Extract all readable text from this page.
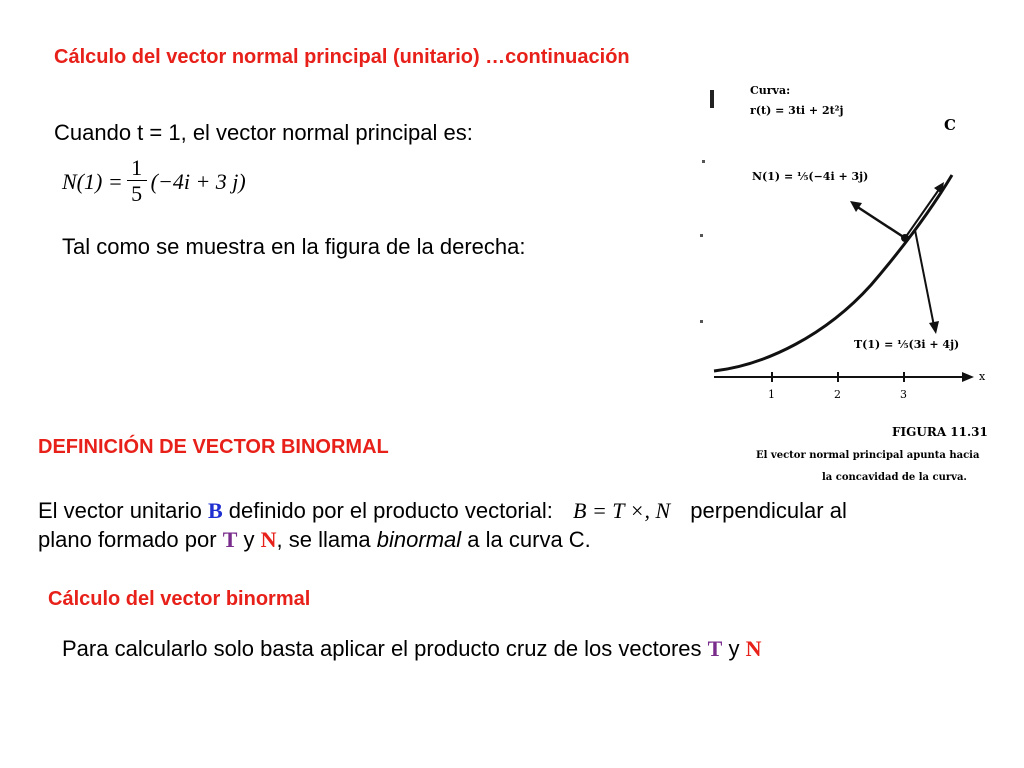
Cálculo del vector normal principal (unitario) …continuación
Cuando t = 1, el vector normal principal es:
$N(1) = \frac{1}{5} (-4i + 3$ j)
Tal como se muestra en la figura de la derecha:
Curva:
r(t) = 3ti + 2t²j
C
N(1) = ⅕(−4i + 3j)
T(1) = ⅕(3i + 4j)
x
1	2	3
FIGURA 11.31
El vector normal principal apunta hacia
la concavidad de la curva.
DEFINICIÓN DE VECTOR BINORMAL
El vector unitario B definido por el producto vectorial: B = T ×, N perpendicular al
plano formado por T y N, se llama binormal a la curva C.
Cálculo del vector binormal
Para calcularlo solo basta aplicar el producto cruz de los vectores T y N
